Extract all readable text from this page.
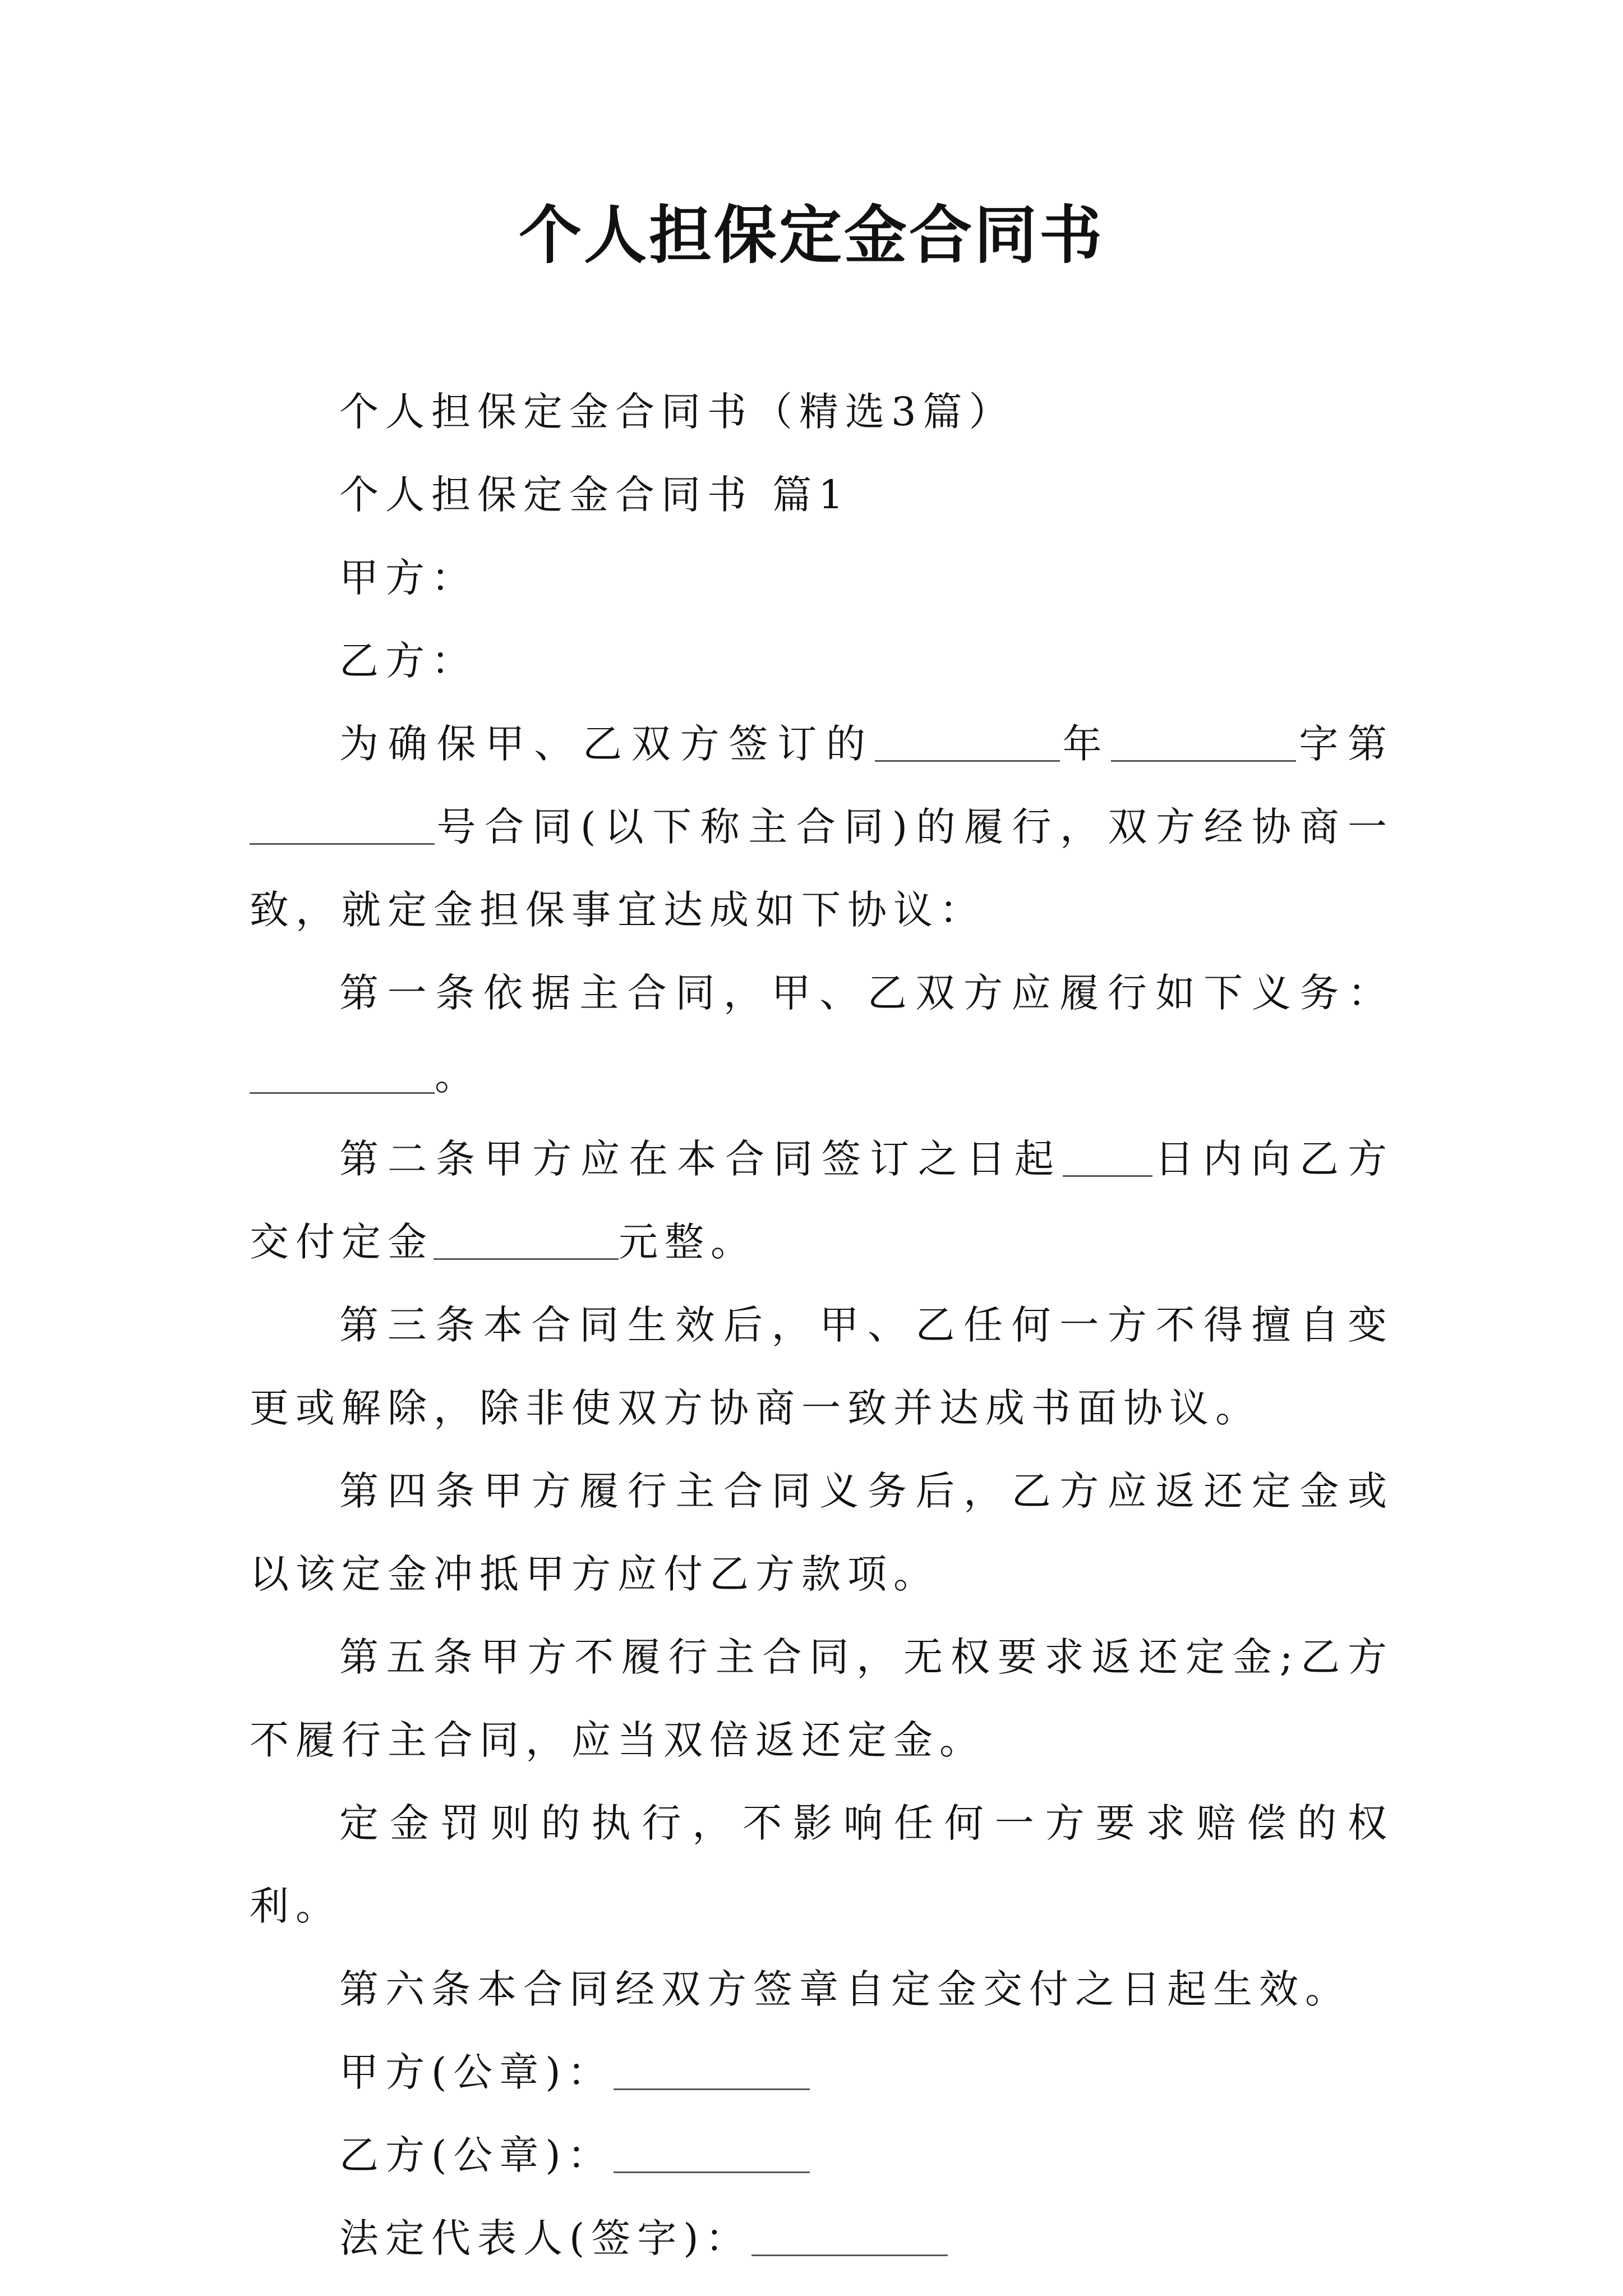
个人担保定金合同书

个人担保定金合同书（精选3篇）

个人担保定金合同书 篇1

甲方：

乙方：

为确保甲、乙双方签订的	年	字第号合同(以下称主合同)的履行，双方经协商一致，就定金担保事宜达成如下协议：

第一条依据主合同，甲、乙双方应履行如下义务：。

第二条甲方应在本合同签订之日起 日内向乙方交付定金	元整。

第三条本合同生效后，甲、乙任何一方不得擅自变更或解除，除非使双方协商一致并达成书面协议。

第四条甲方履行主合同义务后，乙方应返还定金或以该定金冲抵甲方应付乙方款项。

第五条甲方不履行主合同，无权要求返还定金;乙方不履行主合同，应当双倍返还定金。

定金罚则的执行，不影响任何一方要求赔偿的权利。

第六条本合同经双方签章自定金交付之日起生效。

甲方(公章)：

乙方(公章)：

法定代表人(签字)：
